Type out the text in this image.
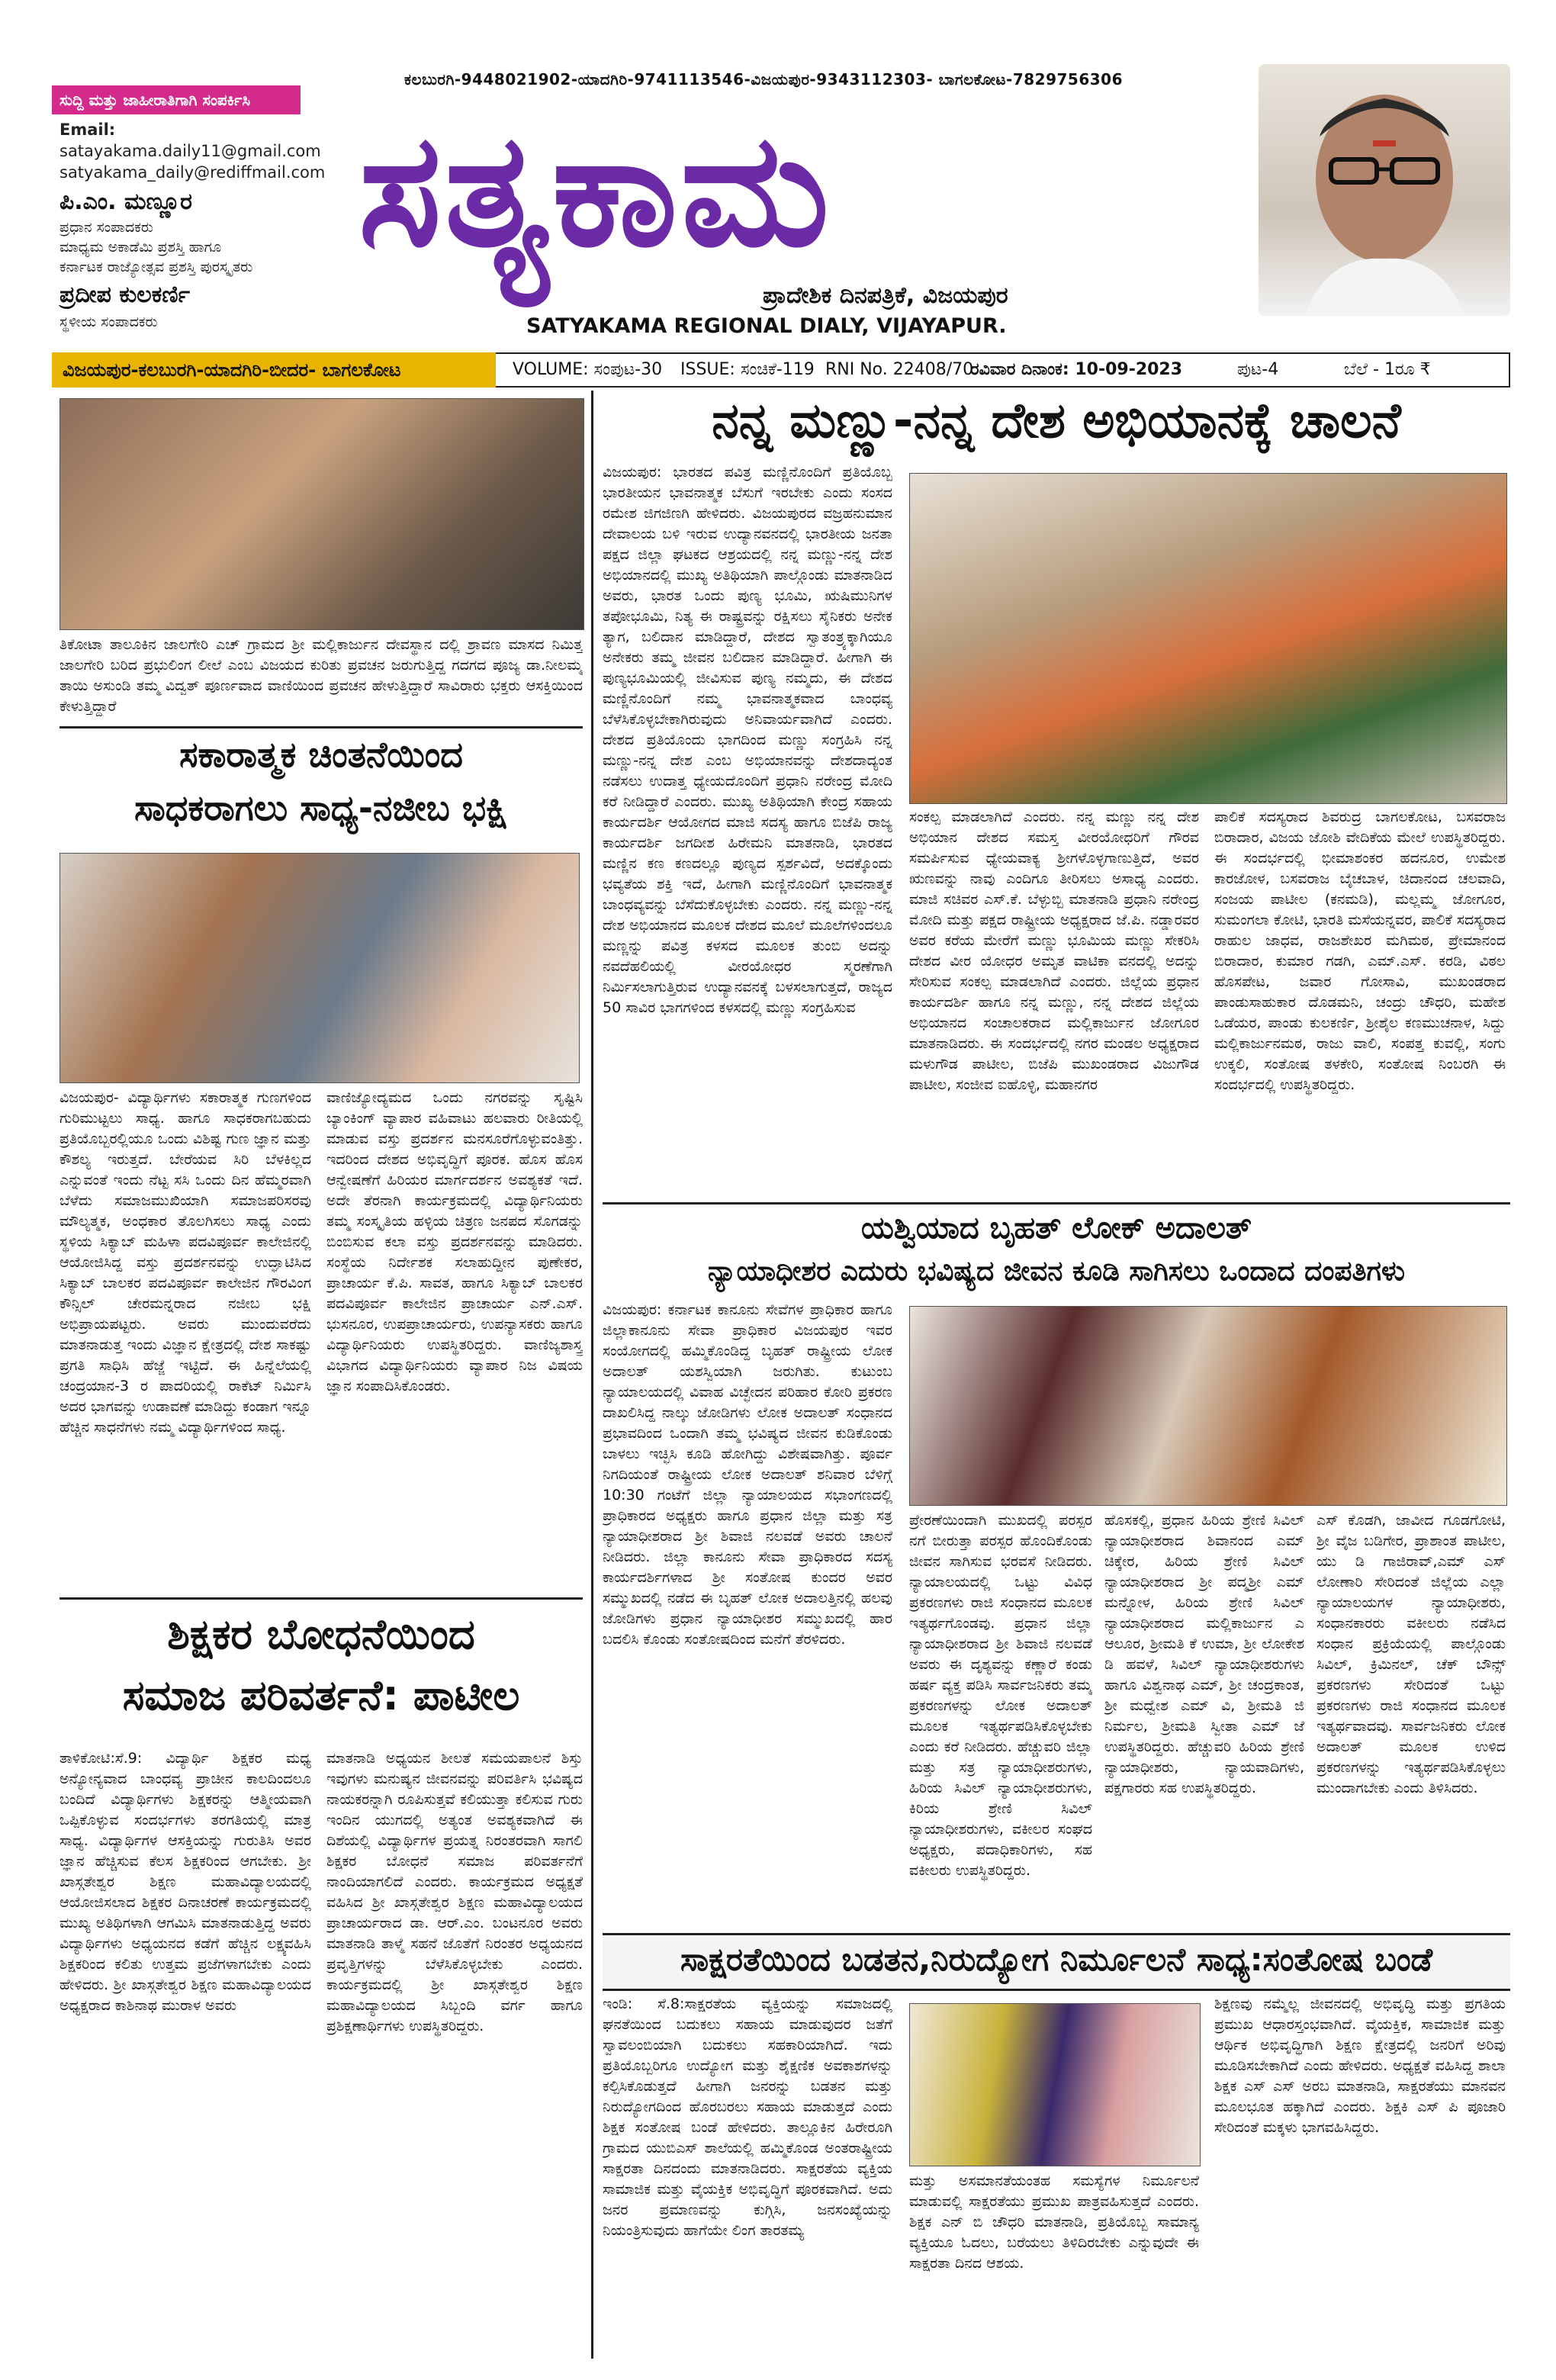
ಸುದ್ದಿ ಮತ್ತು ಜಾಹೀರಾತಿಗಾಗಿ ಸಂಪರ್ಕಿಸಿ
Email:
satayakama.daily11@gmail.com
satyakama_daily@rediffmail.com
ಪಿ.ಎಂ. ಮಣ್ಣೂರ
ಪ್ರಧಾನ ಸಂಪಾದಕರು
ಮಾಧ್ಯಮ ಅಕಾಡೆಮಿ ಪ್ರಶಸ್ತಿ ಹಾಗೂ
ಕರ್ನಾಟಕ ರಾಜ್ಯೋತ್ಸವ ಪ್ರಶಸ್ತಿ ಪುರಸ್ಕೃತರು
ಪ್ರದೀಪ ಕುಲಕರ್ಣಿ
ಸ್ಥಳೀಯ ಸಂಪಾದಕರು
ಕಲಬುರಗಿ-9448021902-ಯಾದಗಿರಿ-9741113546-ವಿಜಯಪುರ-9343112303- ಬಾಗಲಕೋಟ-7829756306
ಸತ್ಯಕಾಮ
ಪ್ರಾದೇಶಿಕ ದಿನಪತ್ರಿಕೆ, ವಿಜಯಪುರ
SATYAKAMA REGIONAL DIALY, VIJAYAPUR.
ವಿಜಯಪುರ-ಕಲಬುರಗಿ-ಯಾದಗಿರಿ-ಬೀದರ- ಬಾಗಲಕೋಟ	VOLUME: ಸಂಪುಟ-30 ISSUE: ಸಂಚಿಕೆ-119 RNI No. 22408/70
ರವಿವಾರ ದಿನಾಂಕ: 10-09-2023	ಪುಟ-4	ಬೆಲೆ - 1ರೂ ₹
ತಿಕೋಟಾ ತಾಲೂಕಿನ ಜಾಲಗೇರಿ ಎಚ್ ಗ್ರಾಮದ ಶ್ರೀ ಮಲ್ಲಿಕಾರ್ಜುನ ದೇವಸ್ಥಾನ ದಲ್ಲಿ ಶ್ರಾವಣ ಮಾಸದ ನಿಮಿತ್ತ ಜಾಲಗೇರಿ ಬರಿದ ಪ್ರಭುಲಿಂಗ ಲೀಲೆ ಎಂಬ ವಿಜಯದ ಕುರಿತು ಪ್ರವಚನ ಜರುಗುತ್ತಿದ್ದ ಗದಗದ ಪೂಜ್ಯ ಡಾ.ನೀಲಮ್ಮ ತಾಯಿ ಅಸುಂಡಿ ತಮ್ಮ ವಿದ್ವತ್ ಪೂರ್ಣವಾದ ವಾಣಿಯಿಂದ ಪ್ರವಚನ ಹೇಳುತ್ತಿದ್ದಾರೆ ಸಾವಿರಾರು ಭಕ್ತರು ಆಸಕ್ತಿಯಿಂದ ಕೇಳುತ್ತಿದ್ದಾರೆ
ಸಕಾರಾತ್ಮಕ ಚಿಂತನೆಯಿಂದ
ಸಾಧಕರಾಗಲು ಸಾಧ್ಯ-ನಜೀಬ ಭಕ್ಷಿ
ವಿಜಯಪುರ- ವಿದ್ಯಾರ್ಥಿಗಳು ಸಕಾರಾತ್ಮಕ ಗುಣಗಳಿಂದ ಗುರಿಮುಟ್ಟಲು ಸಾಧ್ಯ. ಹಾಗೂ ಸಾಧಕರಾಗಬಹುದು ಪ್ರತಿಯೊಬ್ಬರಲ್ಲಿಯೂ ಒಂದು ವಿಶಿಷ್ಟ ಗುಣ ಜ್ಞಾನ ಮತ್ತು ಕೌಶಲ್ಯ ಇರುತ್ತದೆ. ಬೇರೆಯವ ಸಿರಿ ಬೆಳಕಿಲ್ಲದ ಎನ್ನುವಂತೆ ಇಂದು ನೆಟ್ಟ ಸಸಿ ಒಂದು ದಿನ ಹೆಮ್ಮರವಾಗಿ ಬೆಳೆದು ಸಮಾಜಮುಖಿಯಾಗಿ ಸಮಾಜಪರಿಸರವು ಮೌಲ್ಯತ್ಮಕ, ಅಂಧಕಾರ ತೊಲಗಿಸಲು ಸಾಧ್ಯ ಎಂದು ಸ್ಥಳಿಯ ಸಿಕ್ಯಾಬ್ ಮಹಿಳಾ ಪದವಿಪೂರ್ವ ಕಾಲೇಜಿನಲ್ಲಿ ಆಯೋಜಿಸಿದ್ದ ವಸ್ತು ಪ್ರದರ್ಶನವನ್ನು ಉದ್ಘಾಟಿಸಿದ ಸಿಕ್ಯಾಬ್ ಬಾಲಕರ ಪದವಿಪೂರ್ವ ಕಾಲೇಜಿನ ಗೌರವಿಂಗ ಕೌನ್ಸಿಲ್ ಚೇರಮನ್ನರಾದ ನಜೀಬ ಭಕ್ಷಿ ಅಭಿಪ್ರಾಯಪಟ್ಟರು. ಅವರು ಮುಂದುವರೆದು ಮಾತನಾಡುತ್ತ ಇಂದು ವಿಜ್ಞಾನ ಕ್ಷೇತ್ರದಲ್ಲಿ ದೇಶ ಸಾಕಷ್ಟು ಪ್ರಗತಿ ಸಾಧಿಸಿ ಹೆಜ್ಜೆ ಇಟ್ಟಿದೆ. ಈ ಹಿನ್ನೆಲೆಯಲ್ಲಿ ಚಂದ್ರಯಾನ-3 ರ ಪಾದರಿಯಲ್ಲಿ ರಾಕೆಟ್ ನಿರ್ಮಿಸಿ ಅದರ ಭಾಗವನ್ನು ಉಡಾವಣೆ ಮಾಡಿದ್ದು ಕಂಡಾಗ ಇನ್ನೂ ಹೆಚ್ಚಿನ ಸಾಧನೆಗಳು ನಮ್ಮ ವಿದ್ಯಾರ್ಥಿಗಳಿಂದ ಸಾಧ್ಯ.
ವಾಣಿಜ್ಯೋದ್ಯಮದ ಒಂದು ನಗರವನ್ನು ಸೃಷ್ಟಿಸಿ ಬ್ಯಾಂಕಿಂಗ್ ವ್ಯಾಪಾರ ವಹಿವಾಟು ಹಲವಾರು ರೀತಿಯಲ್ಲಿ ಮಾಡುವ ವಸ್ತು ಪ್ರದರ್ಶನ ಮನಸೂರೆಗೊಳ್ಳುವಂತಿತ್ತು. ಇದರಿಂದ ದೇಶದ ಅಭಿವೃದ್ಧಿಗೆ ಪೂರಕ. ಹೊಸ ಹೊಸ ಆನ್ವೇಷಣೆಗೆ ಹಿರಿಯರ ಮಾರ್ಗದರ್ಶನ ಅವಶ್ಯಕತೆ ಇದೆ. ಅದೇ ತೆರನಾಗಿ ಕಾರ್ಯಕ್ರಮದಲ್ಲಿ ವಿದ್ಯಾರ್ಥಿನಿಯರು ತಮ್ಮ ಸಂಸ್ಕೃತಿಯ ಹಳ್ಳಿಯ ಚಿತ್ರಣ ಜನಪದ ಸೊಗಡನ್ನು ಬಿಂಬಿಸುವ ಕಲಾ ವಸ್ತು ಪ್ರದರ್ಶನವನ್ನು ಮಾಡಿದರು. ಸಂಸ್ಥೆಯ ನಿರ್ದೇಶಕ ಸಲಾಹುದ್ದೀನ ಪುಣೇಕರ, ಪ್ರಾಚಾರ್ಯ ಕೆ.ಪಿ. ಸಾವತ, ಹಾಗೂ ಸಿಕ್ಯಾಬ್ ಬಾಲಕರ ಪದವಿಪೂರ್ವ ಕಾಲೇಜಿನ ಪ್ರಾಚಾರ್ಯ ಎನ್.ಎಸ್. ಭುಸನೂರ, ಉಪಪ್ರಾಚಾರ್ಯರು, ಉಪನ್ಯಾಸಕರು ಹಾಗೂ ವಿದ್ಯಾರ್ಥಿನಿಯರು ಉಪಸ್ಥಿತರಿದ್ದರು. ವಾಣಿಜ್ಯಶಾಸ್ತ್ರ ವಿಭಾಗದ ವಿದ್ಯಾರ್ಥಿನಿಯರು ವ್ಯಾಪಾರ ನಿಜ ವಿಷಯ ಜ್ಞಾನ ಸಂಪಾದಿಸಿಕೊಂಡರು.
ಶಿಕ್ಷಕರ ಬೋಧನೆಯಿಂದ
ಸಮಾಜ ಪರಿವರ್ತನೆ: ಪಾಟೀಲ
ತಾಳಿಕೋಟಿ:ಸೆ.9: ವಿದ್ಯಾರ್ಥಿ ಶಿಕ್ಷಕರ ಮಧ್ಯ ಅನ್ಯೋನ್ಯವಾದ ಬಾಂಧವ್ಯ ಪ್ರಾಚೀನ ಕಾಲದಿಂದಲೂ ಬಂದಿದೆ ವಿದ್ಯಾರ್ಥಿಗಳು ಶಿಕ್ಷಕರನ್ನು ಆತ್ಮೀಯವಾಗಿ ಒಪ್ಪಿಕೊಳ್ಳುವ ಸಂದರ್ಭಗಳು ತರಗತಿಯಲ್ಲಿ ಮಾತ್ರ ಸಾಧ್ಯ. ವಿದ್ಯಾರ್ಥಿಗಳ ಆಸಕ್ತಿಯನ್ನು ಗುರುತಿಸಿ ಅವರ ಜ್ಞಾನ ಹೆಚ್ಚಿಸುವ ಕೆಲಸ ಶಿಕ್ಷಕರಿಂದ ಆಗಬೇಕು. ಶ್ರೀ ಖಾಸ್ಗತೇಶ್ವರ ಶಿಕ್ಷಣ ಮಹಾವಿದ್ಯಾಲಯದಲ್ಲಿ ಆಯೋಜಿಸಲಾದ ಶಿಕ್ಷಕರ ದಿನಾಚರಣೆ ಕಾರ್ಯಕ್ರಮದಲ್ಲಿ ಮುಖ್ಯ ಅತಿಥಿಗಳಾಗಿ ಆಗಮಿಸಿ ಮಾತನಾಡುತ್ತಿದ್ದ ಅವರು ವಿದ್ಯಾರ್ಥಿಗಳು ಅಧ್ಯಯನದ ಕಡೆಗೆ ಹೆಚ್ಚಿನ ಲಕ್ಷ್ಯವಹಿಸಿ ಶಿಕ್ಷಕರಿಂದ ಕಲಿತು ಉತ್ತಮ ಪ್ರಜೆಗಳಾಗಬೇಕು ಎಂದು ಹೇಳಿದರು. ಶ್ರೀ ಖಾಸ್ಗತೇಶ್ವರ ಶಿಕ್ಷಣ ಮಹಾವಿದ್ಯಾಲಯದ ಅಧ್ಯಕ್ಷರಾದ ಕಾಶಿನಾಥ ಮುರಾಳ ಅವರು
ಮಾತನಾಡಿ ಅಧ್ಯಯನ ಶೀಲತೆ ಸಮಯಪಾಲನೆ ಶಿಸ್ತು ಇವುಗಳು ಮನುಷ್ಯನ ಜೀವನವನ್ನು ಪರಿವರ್ತಿಸಿ ಭವಿಷ್ಯದ ನಾಯಕರನ್ನಾಗಿ ರೂಪಿಸುತ್ತವೆ ಕಲಿಯುತ್ತಾ ಕಲಿಸುವ ಗುರು ಇಂದಿನ ಯುಗದಲ್ಲಿ ಅತ್ಯಂತ ಅವಶ್ಯಕವಾಗಿದೆ ಈ ದಿಶೆಯಲ್ಲಿ ವಿದ್ಯಾರ್ಥಿಗಳ ಪ್ರಯತ್ನ ನಿರಂತರವಾಗಿ ಸಾಗಲಿ ಶಿಕ್ಷಕರ ಬೋಧನೆ ಸಮಾಜ ಪರಿವರ್ತನೆಗೆ ನಾಂದಿಯಾಗಲಿದೆ ಎಂದರು. ಕಾರ್ಯಕ್ರಮದ ಅಧ್ಯಕ್ಷತೆ ವಹಿಸಿದ ಶ್ರೀ ಖಾಸ್ಗತೇಶ್ವರ ಶಿಕ್ಷಣ ಮಹಾವಿದ್ಯಾಲಯದ ಪ್ರಾಚಾರ್ಯರಾದ ಡಾ. ಆರ್.ಎಂ. ಬಂಟನೂರ ಅವರು ಮಾತನಾಡಿ ತಾಳ್ಮೆ ಸಹನೆ ಜೊತೆಗೆ ನಿರಂತರ ಅಧ್ಯಯನದ ಪ್ರವೃತ್ತಿಗಳನ್ನು ಬೆಳೆಸಿಕೊಳ್ಳಬೇಕು ಎಂದರು. ಕಾರ್ಯಕ್ರಮದಲ್ಲಿ ಶ್ರೀ ಖಾಸ್ಗತೇಶ್ವರ ಶಿಕ್ಷಣ ಮಹಾವಿದ್ಯಾಲಯದ ಸಿಬ್ಬಂದಿ ವರ್ಗ ಹಾಗೂ ಪ್ರಶಿಕ್ಷಣಾರ್ಥಿಗಳು ಉಪಸ್ಥಿತರಿದ್ದರು.
ನನ್ನ ಮಣ್ಣು-ನನ್ನ ದೇಶ ಅಭಿಯಾನಕ್ಕೆ ಚಾಲನೆ
ವಿಜಯಪುರ: ಭಾರತದ ಪವಿತ್ರ ಮಣ್ಣಿನೊಂದಿಗೆ ಪ್ರತಿಯೊಬ್ಬ ಭಾರತೀಯನ ಭಾವನಾತ್ಮಕ ಬೆಸುಗೆ ಇರಬೇಕು ಎಂದು ಸಂಸದ ರಮೇಶ ಜಿಗಜಿಣಗಿ ಹೇಳಿದರು. ವಿಜಯಪುರದ ವಜ್ರಹನುಮಾನ ದೇವಾಲಯ ಬಳಿ ಇರುವ ಉದ್ಯಾನವನದಲ್ಲಿ ಭಾರತೀಯ ಜನತಾ ಪಕ್ಷದ ಜಿಲ್ಲಾ ಘಟಕದ ಆಶ್ರಯದಲ್ಲಿ ನನ್ನ ಮಣ್ಣು-ನನ್ನ ದೇಶ ಅಭಿಯಾನದಲ್ಲಿ ಮುಖ್ಯ ಅತಿಥಿಯಾಗಿ ಪಾಲ್ಗೊಂಡು ಮಾತನಾಡಿದ ಅವರು, ಭಾರತ ಒಂದು ಪುಣ್ಯ ಭೂಮಿ, ಋಷಿಮುನಿಗಳ ತಪೋಭೂಮಿ, ನಿತ್ಯ ಈ ರಾಷ್ಟ್ರವನ್ನು ರಕ್ಷಿಸಲು ಸೈನಿಕರು ಅನೇಕ ತ್ಯಾಗ, ಬಲಿದಾನ ಮಾಡಿದ್ದಾರೆ, ದೇಶದ ಸ್ವಾತಂತ್ರ್ಯಕ್ಕಾಗಿಯೂ ಅನೇಕರು ತಮ್ಮ ಜೀವನ ಬಲಿದಾನ ಮಾಡಿದ್ದಾರೆ. ಹೀಗಾಗಿ ಈ ಪುಣ್ಯಭೂಮಿಯಲ್ಲಿ ಜೀವಿಸುವ ಪುಣ್ಯ ನಮ್ಮದು, ಈ ದೇಶದ ಮಣ್ಣಿನೊಂದಿಗೆ ನಮ್ಮ ಭಾವನಾತ್ಮಕವಾದ ಬಾಂಧವ್ಯ ಬೆಳೆಸಿಕೊಳ್ಳಬೇಕಾಗಿರುವುದು ಅನಿವಾರ್ಯವಾಗಿದೆ ಎಂದರು. ದೇಶದ ಪ್ರತಿಯೊಂದು ಭಾಗದಿಂದ ಮಣ್ಣು ಸಂಗ್ರಹಿಸಿ ನನ್ನ ಮಣ್ಣು-ನನ್ನ ದೇಶ ಎಂಬ ಅಭಿಯಾನವನ್ನು ದೇಶದಾದ್ಯಂತ ನಡೆಸಲು ಉದಾತ್ತ ಧ್ಯೇಯದೊಂದಿಗೆ ಪ್ರಧಾನಿ ನರೇಂದ್ರ ಮೋದಿ ಕರೆ ನೀಡಿದ್ದಾರೆ ಎಂದರು. ಮುಖ್ಯ ಅತಿಥಿಯಾಗಿ ಕೇಂದ್ರ ಸಹಾಯ ಕಾರ್ಯದರ್ಶಿ ಆಯೋಗದ ಮಾಜಿ ಸದಸ್ಯ ಹಾಗೂ ಬಿಜೆಪಿ ರಾಜ್ಯ ಕಾರ್ಯದರ್ಶಿ ಜಗದೀಶ ಹಿರೇಮನಿ ಮಾತನಾಡಿ, ಭಾರತದ ಮಣ್ಣಿನ ಕಣ ಕಣದಲ್ಲೂ ಪುಣ್ಯದ ಸ್ಪರ್ಶವಿದೆ, ಅದಕ್ಕೊಂದು ಭವ್ಯತೆಯ ಶಕ್ತಿ ಇದೆ, ಹೀಗಾಗಿ ಮಣ್ಣಿನೊಂದಿಗೆ ಭಾವನಾತ್ಮಕ ಬಾಂಧವ್ಯವನ್ನು ಬೆಸೆದುಕೊಳ್ಳಬೇಕು ಎಂದರು. ನನ್ನ ಮಣ್ಣು-ನನ್ನ ದೇಶ ಅಭಿಯಾನದ ಮೂಲಕ ದೇಶದ ಮೂಲೆ ಮೂಲೆಗಳಿಂದಲೂ ಮಣ್ಣನ್ನು ಪವಿತ್ರ ಕಳಸದ ಮೂಲಕ ತುಂಬಿ ಅದನ್ನು ನವದೆಹಲಿಯಲ್ಲಿ ವೀರಯೋಧರ ಸ್ಮರಣೆಗಾಗಿ ನಿರ್ಮಿಸಲಾಗುತ್ತಿರುವ ಉದ್ಯಾನವನಕ್ಕೆ ಬಳಸಲಾಗುತ್ತದೆ, ರಾಜ್ಯದ 50 ಸಾವಿರ ಭಾಗಗಳಿಂದ ಕಳಸದಲ್ಲಿ ಮಣ್ಣು ಸಂಗ್ರಹಿಸುವ
ಸಂಕಲ್ಪ ಮಾಡಲಾಗಿದೆ ಎಂದರು. ನನ್ನ ಮಣ್ಣು ನನ್ನ ದೇಶ ಅಭಿಯಾನ ದೇಶದ ಸಮಸ್ತ ವೀರಯೋಧರಿಗೆ ಗೌರವ ಸಮರ್ಪಿಸುವ ಧ್ಯೇಯವಾಕ್ಯ ಶ್ರೀಗಳೊಳ್ಳಗಾಣುತ್ತಿದೆ, ಅವರ ಋಣವನ್ನು ನಾವು ಎಂದಿಗೂ ತೀರಿಸಲು ಅಸಾಧ್ಯ ಎಂದರು. ಮಾಜಿ ಸಚಿವರ ಎಸ್.ಕೆ. ಬೆಳ್ಳುಬ್ಬಿ ಮಾತನಾಡಿ ಪ್ರಧಾನಿ ನರೇಂದ್ರ ಮೋದಿ ಮತ್ತು ಪಕ್ಷದ ರಾಷ್ಟ್ರೀಯ ಅಧ್ಯಕ್ಷರಾದ ಜೆ.ಪಿ. ನಡ್ಡಾರವರ ಅವರ ಕರೆಯ ಮೇರೆಗೆ ಮಣ್ಣು ಭೂಮಿಯ ಮಣ್ಣು ಸೇಕರಿಸಿ ದೇಶದ ವೀರ ಯೋಧರ ಅಮೃತ ವಾಟಿಕಾ ವನದಲ್ಲಿ ಅದನ್ನು ಸೇರಿಸುವ ಸಂಕಲ್ಪ ಮಾಡಲಾಗಿದೆ ಎಂದರು. ಜಿಲ್ಲೆಯ ಪ್ರಧಾನ ಕಾರ್ಯದರ್ಶಿ ಹಾಗೂ ನನ್ನ ಮಣ್ಣು, ನನ್ನ ದೇಶದ ಜಿಲ್ಲೆಯ ಅಭಿಯಾನದ ಸಂಚಾಲಕರಾದ ಮಲ್ಲಿಕಾರ್ಜುನ ಜೋಗೂರ ಮಾತನಾಡಿದರು. ಈ ಸಂದರ್ಭದಲ್ಲಿ ನಗರ ಮಂಡಲ ಅಧ್ಯಕ್ಷರಾದ ಮಳುಗೌಡ ಪಾಟೀಲ, ಬಿಜೆಪಿ ಮುಖಂಡರಾದ ವಿಜುಗೌಡ ಪಾಟೀಲ, ಸಂಜೀವ ಐಹೊಳ್ಳಿ, ಮಹಾನಗರ
ಪಾಲಿಕೆ ಸದಸ್ಯರಾದ ಶಿವರುದ್ರ ಬಾಗಲಕೋಟ, ಬಸವರಾಜ ಬಿರಾದಾರ, ವಿಜಯ ಜೋಶಿ ವೇದಿಕೆಯ ಮೇಲೆ ಉಪಸ್ಥಿತರಿದ್ದರು. ಈ ಸಂದರ್ಭದಲ್ಲಿ ಭೀಮಾಶಂಕರ ಹದನೂರ, ಉಮೇಶ ಕಾರಜೋಳ, ಬಸವರಾಜ ಬೈಚಬಾಳ, ಚಿದಾನಂದ ಚಲವಾದಿ, ಸಂಜಯ ಪಾಟೀಲ (ಕನಮಡಿ), ಮಲ್ಲಮ್ಮ ಜೋಗೂರ, ಸುಮಂಗಲಾ ಕೋಟಿ, ಭಾರತಿ ಮಸೆಯನ್ನವರ, ಪಾಲಿಕೆ ಸದಸ್ಯರಾದ ರಾಹುಲ ಜಾಧವ, ರಾಜಶೇಖರ ಮಗಿಮಠ, ಪ್ರೇಮಾನಂದ ಬಿರಾದಾರ, ಕುಮಾರ ಗಡಗಿ, ಎಮ್.ಎಸ್. ಕರಡಿ, ವಿಠಲ ಹೊಸಪೇಟ, ಜವಾರ ಗೋಸಾವಿ, ಮುಖಂಡರಾದ ಪಾಂಡುಸಾಹುಕಾರ ದೊಡಮನಿ, ಚಂದ್ರು ಚೌಧರಿ, ಮಹೇಶ ಒಡೆಯರ, ಪಾಂಡು ಕುಲಕರ್ಣಿ, ಶ್ರೀಶೈಲ ಕಣಮುಚನಾಳ, ಸಿದ್ದು ಮಲ್ಲಿಕಾರ್ಜುನಮಠ, ರಾಜು ವಾಲಿ, ಸಂಪತ್ತ ಕುವಲ್ಲಿ, ಸಂಗು ಉಕ್ಕಲಿ, ಸಂತೋಷ ತಳಕೇರಿ, ಸಂತೋಷ ನಿಂಬರಗಿ ಈ ಸಂದರ್ಭದಲ್ಲಿ ಉಪಸ್ಥಿತರಿದ್ದರು.
ಯಶ್ವಿಯಾದ ಬೃಹತ್ ಲೋಕ್ ಅದಾಲತ್
ನ್ಯಾಯಾಧೀಶರ ಎದುರು ಭವಿಷ್ಯದ ಜೀವನ ಕೂಡಿ ಸಾಗಿಸಲು ಒಂದಾದ ದಂಪತಿಗಳು
ವಿಜಯಪುರ: ಕರ್ನಾಟಕ ಕಾನೂನು ಸೇವೆಗಳ ಪ್ರಾಧಿಕಾರ ಹಾಗೂ ಜಿಲ್ಲಾಕಾನೂನು ಸೇವಾ ಪ್ರಾಧಿಕಾರ ವಿಜಯಪುರ ಇವರ ಸಂಯೋಗದಲ್ಲಿ ಹಮ್ಮಿಕೊಂಡಿದ್ದ ಬೃಹತ್ ರಾಷ್ಟ್ರೀಯ ಲೋಕ ಅದಾಲತ್ ಯಶಸ್ವಿಯಾಗಿ ಜರುಗಿತು. ಕುಟುಂಬ ನ್ಯಾಯಾಲಯದಲ್ಲಿ ವಿವಾಹ ವಿಚ್ಛೇದನ ಪರಿಹಾರ ಕೋರಿ ಪ್ರಕರಣ ದಾಖಲಿಸಿದ್ದ ನಾಲ್ಕು ಜೋಡಿಗಳು ಲೋಕ ಅದಾಲತ್ ಸಂಧಾನದ ಪ್ರಭಾವದಿಂದ ಒಂದಾಗಿ ತಮ್ಮ ಭವಿಷ್ಯದ ಜೀವನ ಕುಡಿಕೊಂಡು ಬಾಳಲು ಇಚ್ಛಿಸಿ ಕೂಡಿ ಹೋಗಿದ್ದು ವಿಶೇಷವಾಗಿತ್ತು. ಪೂರ್ವ ನಿಗದಿಯಂತೆ ರಾಷ್ಟ್ರೀಯ ಲೋಕ ಅದಾಲತ್ ಶನಿವಾರ ಬೆಳಿಗ್ಗೆ 10:30 ಗಂಟೆಗೆ ಜಿಲ್ಲಾ ನ್ಯಾಯಾಲಯದ ಸಭಾಂಗಣದಲ್ಲಿ ಪ್ರಾಧಿಕಾರದ ಅಧ್ಯಕ್ಷರು ಹಾಗೂ ಪ್ರಧಾನ ಜಿಲ್ಲಾ ಮತ್ತು ಸತ್ರ ನ್ಯಾಯಾಧೀಶರಾದ ಶ್ರೀ ಶಿವಾಜಿ ನಲವಡೆ ಅವರು ಚಾಲನೆ ನೀಡಿದರು. ಜಿಲ್ಲಾ ಕಾನೂನು ಸೇವಾ ಪ್ರಾಧಿಕಾರದ ಸದಸ್ಯ ಕಾರ್ಯದರ್ಶಿಗಳಾದ ಶ್ರೀ ಸಂತೋಷ ಕುಂದರ ಅವರ ಸಮ್ಮುಖದಲ್ಲಿ ನಡೆದ ಈ ಬೃಹತ್ ಲೋಕ ಅದಾಲತ್ತಿನಲ್ಲಿ ಹಲವು ಜೋಡಿಗಳು ಪ್ರಧಾನ ನ್ಯಾಯಾಧೀಶರ ಸಮ್ಮುಖದಲ್ಲಿ ಹಾರ ಬದಲಿಸಿ ಕೊಂಡು ಸಂತೋಷದಿಂದ ಮನೆಗೆ ತೆರಳಿದರು.
ಪ್ರೇರಣೆಯಿಂದಾಗಿ ಮುಖದಲ್ಲಿ ಪರಸ್ಪರ ನಗೆ ಬೀರುತ್ತಾ ಪರಸ್ಪರ ಹೊಂದಿಕೊಂಡು ಜೀವನ ಸಾಗಿಸುವ ಭರವಸೆ ನೀಡಿದರು. ನ್ಯಾಯಾಲಯದಲ್ಲಿ ಒಟ್ಟು ವಿವಿಧ ಪ್ರಕರಣಗಳು ರಾಜಿ ಸಂಧಾನದ ಮೂಲಕ ಇತ್ಯರ್ಥಗೊಂಡವು. ಪ್ರಧಾನ ಜಿಲ್ಲಾ ನ್ಯಾಯಾಧೀಶರಾದ ಶ್ರೀ ಶಿವಾಜಿ ನಲವಡೆ ಅವರು ಈ ದೃಶ್ಯವನ್ನು ಕಣ್ಣಾರೆ ಕಂಡು ಹರ್ಷ ವ್ಯಕ್ತ ಪಡಿಸಿ ಸಾರ್ವಜನಿಕರು ತಮ್ಮ ಪ್ರಕರಣಗಳನ್ನು ಲೋಕ ಅದಾಲತ್ ಮೂಲಕ ಇತ್ಯರ್ಥಪಡಿಸಿಕೊಳ್ಳಬೇಕು ಎಂದು ಕರೆ ನೀಡಿದರು. ಹೆಚ್ಚುವರಿ ಜಿಲ್ಲಾ ಮತ್ತು ಸತ್ರ ನ್ಯಾಯಾಧೀಶರುಗಳು, ಹಿರಿಯ ಸಿವಿಲ್ ನ್ಯಾಯಾಧೀಶರುಗಳು, ಕಿರಿಯ ಶ್ರೇಣಿ ಸಿವಿಲ್ ನ್ಯಾಯಾಧೀಶರುಗಳು, ವಕೀಲರ ಸಂಘದ ಅಧ್ಯಕ್ಷರು, ಪದಾಧಿಕಾರಿಗಳು, ಸಹ ವಕೀಲರು ಉಪಸ್ಥಿತರಿದ್ದರು.
ಹೊಸಕಲ್ಲಿ, ಪ್ರಧಾನ ಹಿರಿಯ ಶ್ರೇಣಿ ಸಿವಿಲ್ ನ್ಯಾಯಾಧೀಶರಾದ ಶಿವಾನಂದ ಎಮ್ ಚಿಕ್ಕೇರ, ಹಿರಿಯ ಶ್ರೇಣಿ ಸಿವಿಲ್ ನ್ಯಾಯಾಧೀಶರಾದ ಶ್ರೀ ಪದ್ಮಶ್ರೀ ಎಮ್ ಮನ್ನೋಳ, ಹಿರಿಯ ಶ್ರೇಣಿ ಸಿವಿಲ್ ನ್ಯಾಯಾಧೀಶರಾದ ಮಲ್ಲಿಕಾರ್ಜುನ ಎ ಆಲೂರ, ಶ್ರೀಮತಿ ಕೆ ಉಮಾ, ಶ್ರೀ ಲೋಕೇಶ ಡಿ ಹವಳೆ, ಸಿವಿಲ್ ನ್ಯಾಯಾಧೀಶರುಗಳು ಹಾಗೂ ವಿಶ್ವನಾಥ ಎಮ್, ಶ್ರೀ ಚಂದ್ರಕಾಂತ, ಶ್ರೀ ಮಧ್ವೇಶ ಎಮ್ ವಿ, ಶ್ರೀಮತಿ ಜಿ ನಿರ್ಮಲ, ಶ್ರೀಮತಿ ಸ್ವೀತಾ ಎಮ್ ಜೆ ಉಪಸ್ಥಿತರಿದ್ದರು. ಹೆಚ್ಚುವರಿ ಹಿರಿಯ ಶ್ರೇಣಿ ನ್ಯಾಯಾಧೀಶರು, ನ್ಯಾಯವಾದಿಗಳು, ಪಕ್ಷಗಾರರು ಸಹ ಉಪಸ್ಥಿತರಿದ್ದರು.
ಎಸ್ ಕೊಡಗಿ, ಜಾವೀದ ಗೂಡಗೋಟಿ, ಶ್ರೀ ವೈಜ ಬಡಿಗೇರ, ಪ್ರಾಶಾಂತ ಪಾಟೀಲ, ಯು ಡಿ ಗಾಜಿರಾವ್,ಎಮ್ ಎಸ್ ಲೋಣಾರಿ ಸೇರಿದಂತೆ ಜಿಲ್ಲೆಯ ಎಲ್ಲಾ ನ್ಯಾಯಾಲಯಗಳ ನ್ಯಾಯಾಧೀಶರು, ಸಂಧಾನಕಾರರು ವಕೀಲರು ನಡೆಸಿದ ಸಂಧಾನ ಪ್ರಕ್ರಿಯೆಯಲ್ಲಿ ಪಾಲ್ಗೊಂಡು ಸಿವಿಲ್, ಕ್ರಿಮಿನಲ್, ಚೆಕ್ ಬೌನ್ಸ್ ಪ್ರಕರಣಗಳು ಸೇರಿದಂತೆ ಒಟ್ಟು ಪ್ರಕರಣಗಳು ರಾಜಿ ಸಂಧಾನದ ಮೂಲಕ ಇತ್ಯರ್ಥವಾದವು. ಸಾರ್ವಜನಿಕರು ಲೋಕ ಅದಾಲತ್ ಮೂಲಕ ಉಳಿದ ಪ್ರಕರಣಗಳನ್ನು ಇತ್ಯರ್ಥಪಡಿಸಿಕೊಳ್ಳಲು ಮುಂದಾಗಬೇಕು ಎಂದು ತಿಳಿಸಿದರು.
ಸಾಕ್ಷರತೆಯಿಂದ ಬಡತನ,ನಿರುದ್ಯೋಗ ನಿರ್ಮೂಲನೆ ಸಾಧ್ಯ:ಸಂತೋಷ ಬಂಡೆ
ಇಂಡಿ: ಸೆ.8:ಸಾಕ್ಷರತೆಯ ವ್ಯಕ್ತಿಯನ್ನು ಸಮಾಜದಲ್ಲಿ ಘನತೆಯಿಂದ ಬದುಕಲು ಸಹಾಯ ಮಾಡುವುದರ ಜತೆಗೆ ಸ್ವಾವಲಂಬಿಯಾಗಿ ಬದುಕಲು ಸಹಕಾರಿಯಾಗಿದೆ. ಇದು ಪ್ರತಿಯೊಬ್ಬರಿಗೂ ಉದ್ಯೋಗ ಮತ್ತು ಶೈಕ್ಷಣಿಕ ಅವಕಾಶಗಳನ್ನು ಕಲ್ಪಿಸಿಕೊಡುತ್ತದೆ ಹೀಗಾಗಿ ಜನರನ್ನು ಬಡತನ ಮತ್ತು ನಿರುದ್ಯೋಗದಿಂದ ಹೊರಬರಲು ಸಹಾಯ ಮಾಡುತ್ತದೆ ಎಂದು ಶಿಕ್ಷಕ ಸಂತೋಷ ಬಂಡೆ ಹೇಳಿದರು. ತಾಲ್ಲೂಕಿನ ಹಿರೇರೂಗಿ ಗ್ರಾಮದ ಯುಬಿಎಸ್ ಶಾಲೆಯಲ್ಲಿ ಹಮ್ಮಿಕೊಂಡ ಅಂತರಾಷ್ಟ್ರೀಯ ಸಾಕ್ಷರತಾ ದಿನದಂದು ಮಾತನಾಡಿದರು. ಸಾಕ್ಷರತೆಯ ವ್ಯಕ್ತಿಯ ಸಾಮಾಜಿಕ ಮತ್ತು ವೈಯಕ್ತಿಕ ಅಭಿವೃದ್ಧಿಗೆ ಪೂರಕವಾಗಿದೆ. ಅದು ಜನರ ಪ್ರಮಾಣವನ್ನು ಕುಗ್ಗಿಸಿ, ಜನಸಂಖ್ಯೆಯನ್ನು ನಿಯಂತ್ರಿಸುವುದು ಹಾಗೆಯೇ ಲಿಂಗ ತಾರತಮ್ಯ
ಮತ್ತು ಅಸಮಾನತೆಯಂತಹ ಸಮಸ್ಯೆಗಳ ನಿರ್ಮೂಲನೆ ಮಾಡುವಲ್ಲಿ ಸಾಕ್ಷರತೆಯು ಪ್ರಮುಖ ಪಾತ್ರವಹಿಸುತ್ತದೆ ಎಂದರು. ಶಿಕ್ಷಕ ಎನ್ ಬಿ ಚೌಧರಿ ಮಾತನಾಡಿ, ಪ್ರತಿಯೊಬ್ಬ ಸಾಮಾನ್ಯ ವ್ಯಕ್ತಿಯೂ ಓದಲು, ಬರೆಯಲು ತಿಳಿದಿರಬೇಕು ಎನ್ನುವುದೇ ಈ ಸಾಕ್ಷರತಾ ದಿನದ ಆಶಯ.
ಶಿಕ್ಷಣವು ನಮ್ಮೆಲ್ಲ ಜೀವನದಲ್ಲಿ ಅಭಿವೃದ್ಧಿ ಮತ್ತು ಪ್ರಗತಿಯ ಪ್ರಮುಖ ಆಧಾರಸ್ತಂಭವಾಗಿದೆ. ವೈಯಕ್ತಿಕ, ಸಾಮಾಜಿಕ ಮತ್ತು ಆರ್ಥಿಕ ಅಭಿವೃದ್ಧಿಗಾಗಿ ಶಿಕ್ಷಣ ಕ್ಷೇತ್ರದಲ್ಲಿ ಜನರಿಗೆ ಅರಿವು ಮೂಡಿಸಬೇಕಾಗಿದೆ ಎಂದು ಹೇಳಿದರು. ಅಧ್ಯಕ್ಷತೆ ವಹಿಸಿದ್ದ ಶಾಲಾ ಶಿಕ್ಷಕ ಎಸ್ ಎಸ್ ಅರಬ ಮಾತನಾಡಿ, ಸಾಕ್ಷರತೆಯು ಮಾನವನ ಮೂಲಭೂತ ಹಕ್ಕಾಗಿದೆ ಎಂದರು. ಶಿಕ್ಷಕಿ ಎಸ್ ಪಿ ಪೂಜಾರಿ ಸೇರಿದಂತೆ ಮಕ್ಕಳು ಭಾಗವಹಿಸಿದ್ದರು.
